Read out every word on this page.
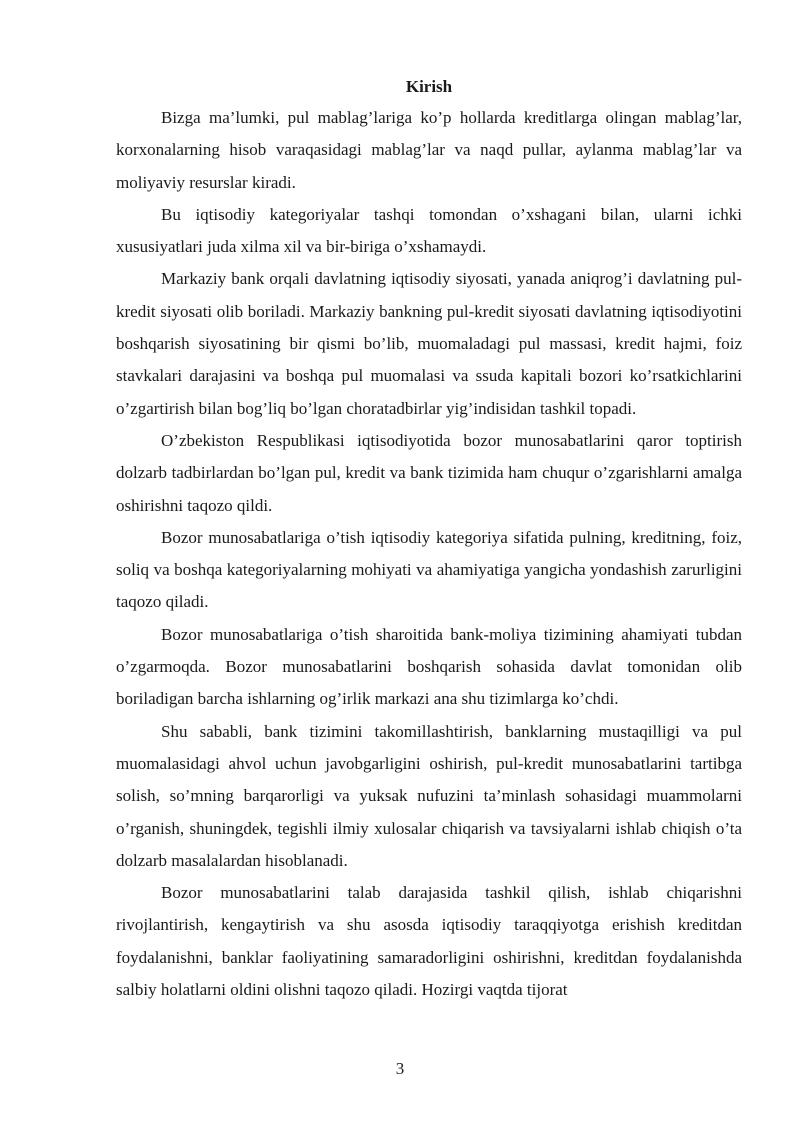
Kirish

Bizga ma’lumki, pul mablag’lariga ko’p hollarda kreditlarga olingan mablag’lar, korxonalarning hisob varaqasidagi mablag’lar va naqd pullar, aylanma mablag’lar va moliyaviy resurslar kiradi.

Bu iqtisodiy kategoriyalar tashqi tomondan o’xshagani bilan, ularni ichki xususiyatlari juda xilma xil va bir-biriga o’xshamaydi.

Markaziy bank orqali davlatning iqtisodiy siyosati, yanada aniqrog’i davlatning pul-kredit siyosati olib boriladi. Markaziy bankning pul-kredit siyosati davlatning iqtisodiyotini boshqarish siyosatining bir qismi bo’lib, muomaladagi pul massasi, kredit hajmi, foiz stavkalari darajasini va boshqa pul muomalasi va ssuda kapitali bozori ko’rsatkichlarini o’zgartirish bilan bog’liq bo’lgan choratadbirlar yig’indisidan tashkil topadi.

O’zbekiston Respublikasi iqtisodiyotida bozor munosabatlarini qaror toptirish dolzarb tadbirlardan bo’lgan pul, kredit va bank tizimida ham chuqur o’zgarishlarni amalga oshirishni taqozo qildi.

Bozor munosabatlariga o’tish iqtisodiy kategoriya sifatida pulning, kreditning, foiz, soliq va boshqa kategoriyalarning mohiyati va ahamiyatiga yangicha yondashish zarurligini taqozo qiladi.

Bozor munosabatlariga o’tish sharoitida bank-moliya tizimining ahamiyati tubdan o’zgarmoqda. Bozor munosabatlarini boshqarish sohasida davlat tomonidan olib boriladigan barcha ishlarning og’irlik markazi ana shu tizimlarga ko’chdi.

Shu sababli, bank tizimini takomillashtirish, banklarning mustaqilligi va pul muomalasidagi ahvol uchun javobgarligini oshirish, pul-kredit munosabatlarini tartibga solish, so’mning barqarorligi va yuksak nufuzini ta’minlash sohasidagi muammolarni o’rganish, shuningdek, tegishli ilmiy xulosalar chiqarish va tavsiyalarni ishlab chiqish o’ta dolzarb masalalardan hisoblanadi.

Bozor munosabatlarini talab darajasida tashkil qilish, ishlab chiqarishni rivojlantirish, kengaytirish va shu asosda iqtisodiy taraqqiyotga erishish kreditdan foydalanishni, banklar faoliyatining samaradorligini oshirishni, kreditdan foydalanishda salbiy holatlarni oldini olishni taqozo qiladi. Hozirgi vaqtda tijorat

3
